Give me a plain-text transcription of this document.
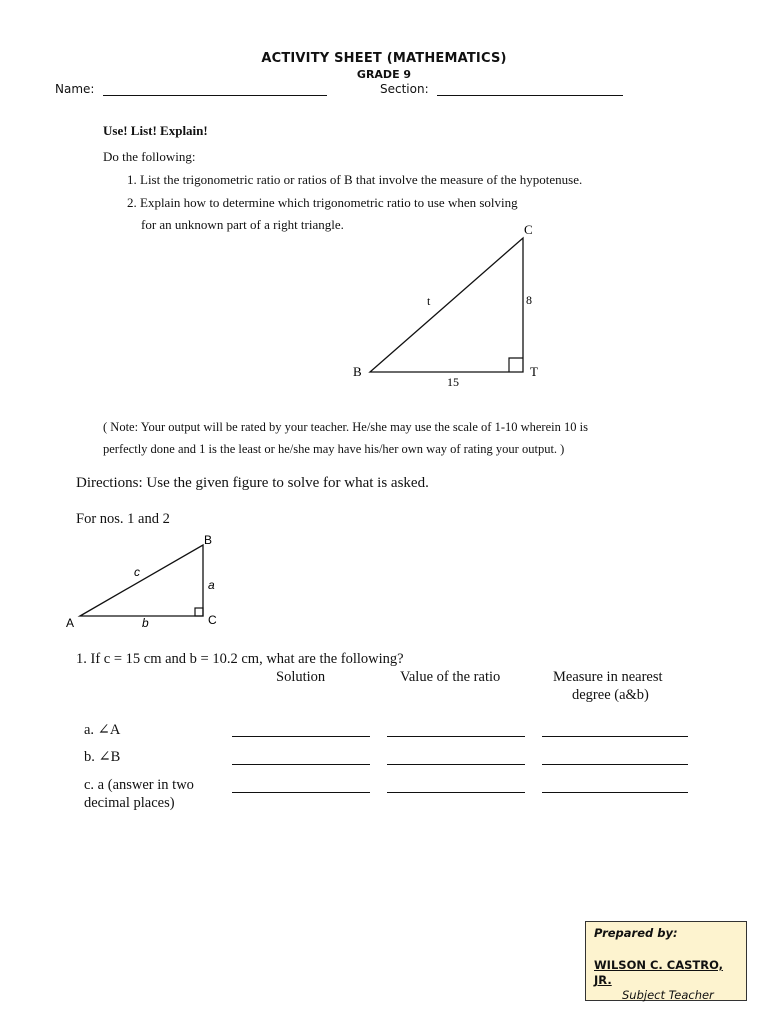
ACTIVITY SHEET (MATHEMATICS)
GRADE 9
Name:	Section:
Use! List! Explain!
Do the following:
1. List the trigonometric ratio or ratios of B that involve the measure of the hypotenuse.
2. Explain how to determine which trigonometric ratio to use when solving
for an unknown part of a right triangle.
B
C
T
t	8
15
( Note: Your output will be rated by your teacher. He/she may use the scale of 1-10 wherein 10 is
perfectly done and 1 is the least or he/she may have his/her own way of rating your output. )
Directions: Use the given figure to solve for what is asked.
For nos. 1 and 2
A
B
C
a
b
c
1. If c = 15 cm and b = 10.2 cm, what are the following?
Solution	Value of the ratio	Measure in nearest
degree (a&b)
a. ∠A
b. ∠B
c. a (answer in two
decimal places)
Prepared by:
WILSON C. CASTRO,
JR.
Subject Teacher
